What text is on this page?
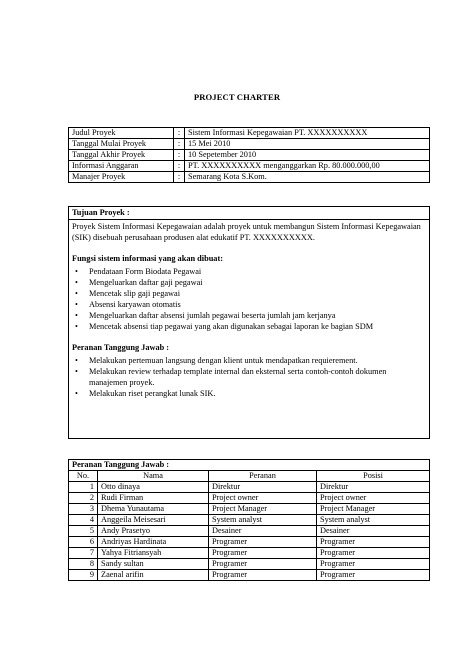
PROJECT CHARTER
Judul Proyek	:	Sistem Informasi Kepegawaian PT. XXXXXXXXXX
Tanggal Mulai Proyek	:	15 Mei 2010
Tanggal Akhir Proyek	:	10 Sepetember 2010
Informasi Anggaran	:	PT. XXXXXXXXXX menganggarkan Rp. 80.000.000,00
Manajer Proyek	:	Semarang Kota S.Kom.
Tujuan Proyek :
Proyek Sistem Informasi Kepegawaian adalah proyek untuk membangun Sistem Informasi Kepegawaian (SIK) disebuah perusahaan produsen alat edukatif PT. XXXXXXXXXX.
Fungsi sistem informasi yang akan dibuat:
• Pendataan Form Biodata Pegawai
• Mengeluarkan daftar gaji pegawai
• Mencetak slip gaji pegawai
• Absensi karyawan otomatis
• Mengeluarkan daftar absensi jumlah pegawai beserta jumlah jam kerjanya
• Mencetak absensi tiap pegawai yang akan digunakan sebagai laporan ke bagian SDM
Peranan Tanggung Jawab :
• Melakukan pertemuan langsung dengan klient untuk mendapatkan requierement.
• Melakukan review terhadap template internal dan eksternal serta contoh-contoh dokumen manajemen proyek.
• Melakukan riset perangkat lunak SIK.
Peranan Tanggung Jawab :			
No.	Nama	Peranan	Posisi
1	Otto dinaya	Direktur	Direktur
2	Rudi Firman	Project owner	Project owner
3	Dhema Yunautama	Project Manager	Project Manager
4	Anggeila Meisesari	System analyst	System analyst
5	Andy Prasetyo	Desainer	Desainer
6	Andriyas Hardinata	Programer	Programer
7	Yahya Fitriansyah	Programer	Programer
8	Sandy sultan	Programer	Programer
9	Zaenal arifin	Programer	Programer
